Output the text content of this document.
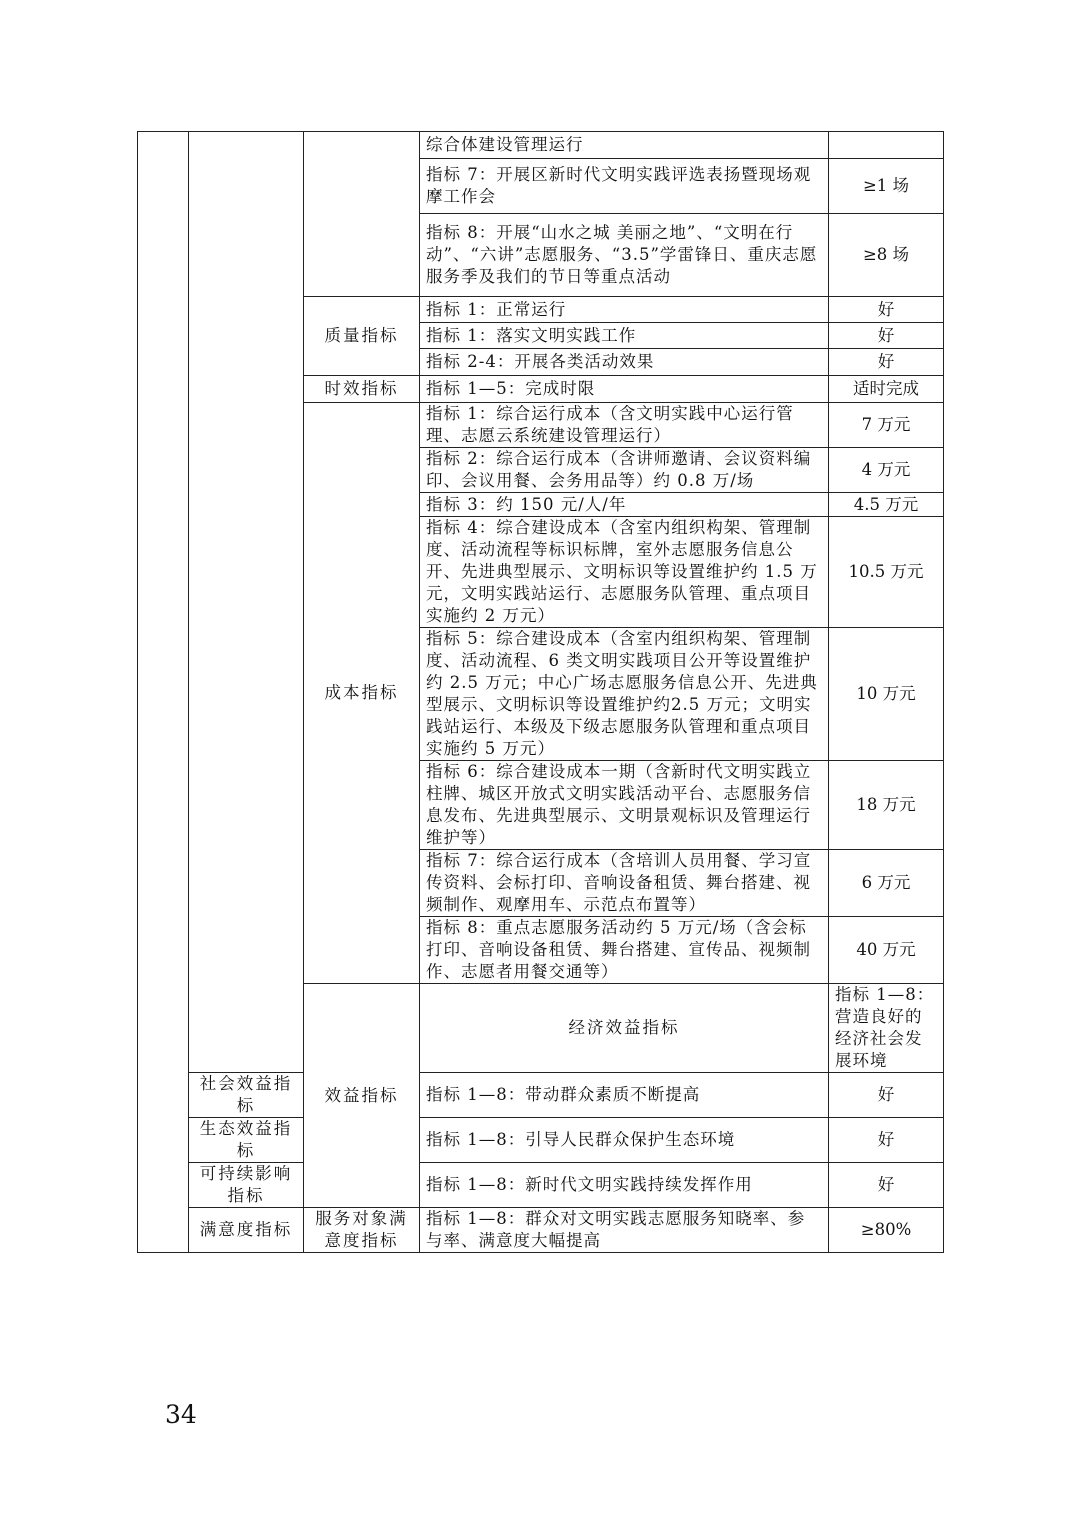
			综合体建设管理运行		
			指标 7：开展区新时代文明实践评选表扬暨现场观摩工作会	≥1 场	
			指标 8：开展“山水之城 美丽之地”、“文明在行动”、“六讲”志愿服务、“3.5”学雷锋日、重庆志愿服务季及我们的节日等重点活动	≥8 场	
		质量指标	指标 1：正常运行	好	
			指标 1：落实文明实践工作	好	
			指标 2-4：开展各类活动效果	好	
		时效指标	指标 1—5：完成时限	适时完成	
		成本指标	指标 1：综合运行成本（含文明实践中心运行管理、志愿云系统建设管理运行）	7 万元	
			指标 2：综合运行成本（含讲师邀请、会议资料编印、会议用餐、会务用品等）约 0.8 万/场	4 万元	
			指标 3：约 150 元/人/年	4.5 万元	
			指标 4：综合建设成本（含室内组织构架、管理制度、活动流程等标识标牌，室外志愿服务信息公开、先进典型展示、文明标识等设置维护约 1.5 万元，文明实践站运行、志愿服务队管理、重点项目实施约 2 万元）	10.5 万元	
			指标 5：综合建设成本（含室内组织构架、管理制度、活动流程、6 类文明实践项目公开等设置维护约 2.5 万元；中心广场志愿服务信息公开、先进典型展示、文明标识等设置维护约2.5 万元；文明实践站运行、本级及下级志愿服务队管理和重点项目实施约 5 万元）	10 万元	
			指标 6：综合建设成本一期（含新时代文明实践立柱牌、城区开放式文明实践活动平台、志愿服务信息发布、先进典型展示、文明景观标识及管理运行维护等）	18 万元	
			指标 7：综合运行成本（含培训人员用餐、学习宣传资料、会标打印、音响设备租赁、舞台搭建、视频制作、观摩用车、示范点布置等）	6 万元	
			指标 8：重点志愿服务活动约 5 万元/场（含会标打印、音响设备租赁、舞台搭建、宣传品、视频制作、志愿者用餐交通等）	40 万元	
		效益指标	经济效益指标	指标 1—8：营造良好的经济社会发展环境	
	社会效益指标		指标 1—8：带动群众素质不断提高	好	
	生态效益指标		指标 1—8：引导人民群众保护生态环境	好	
	可持续影响指标		指标 1—8：新时代文明实践持续发挥作用	好	
	满意度指标	服务对象满意度指标	指标 1—8：群众对文明实践志愿服务知晓率、参与率、满意度大幅提高	≥80%	
34
